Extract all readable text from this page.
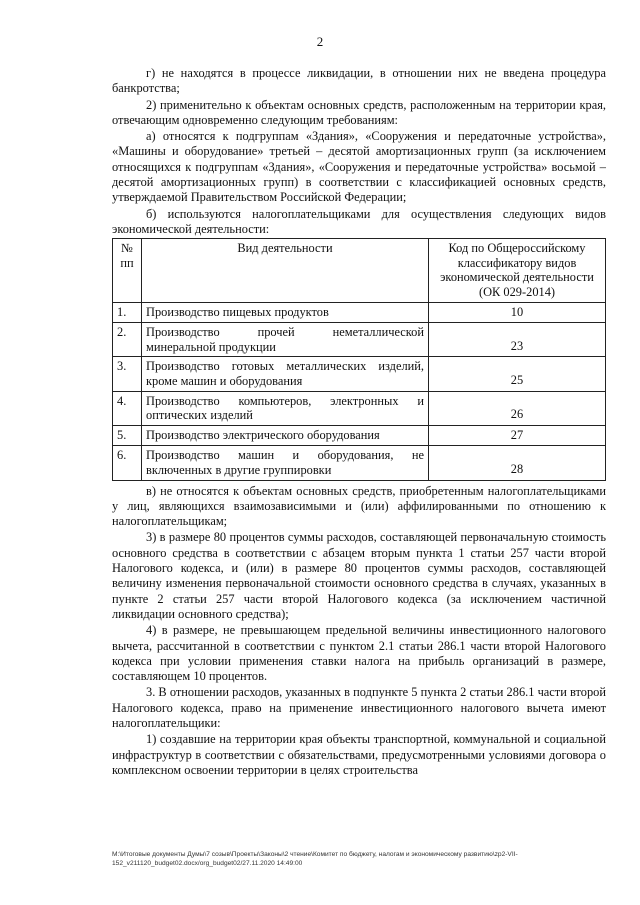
2

г) не находятся в процессе ликвидации, в отношении них не введена процедура банкротства;

2) применительно к объектам основных средств, расположенным на территории края, отвечающим одновременно следующим требованиям:

а) относятся к подгруппам «Здания», «Сооружения и передаточные устройства», «Машины и оборудование» третьей – десятой амортизационных групп (за исключением относящихся к подгруппам «Здания», «Сооружения и передаточные устройства» восьмой – десятой амортизационных групп) в соответствии с классификацией основных средств, утверждаемой Правительством Российской Федерации;

б) используются налогоплательщиками для осуществления следующих видов экономической деятельности:

№ пп	Вид деятельности	Код по Общероссийскому классификатору видов экономической деятельности (ОК 029-2014)
1.	Производство пищевых продуктов	10
2.	Производство прочей неметаллической минеральной продукции	23
3.	Производство готовых металлических изделий, кроме машин и оборудования	25
4.	Производство компьютеров, электронных и оптических изделий	26
5.	Производство электрического оборудования	27
6.	Производство машин и оборудования, не включенных в другие группировки	28

в) не относятся к объектам основных средств, приобретенным налогоплательщиками у лиц, являющихся взаимозависимыми и (или) аффилированными по отношению к налогоплательщикам;

3) в размере 80 процентов суммы расходов, составляющей первоначальную стоимость основного средства в соответствии с абзацем вторым пункта 1 статьи 257 части второй Налогового кодекса, и (или) в размере 80 процентов суммы расходов, составляющей величину изменения первоначальной стоимости основного средства в случаях, указанных в пункте 2 статьи 257 части второй Налогового кодекса (за исключением частичной ликвидации основного средства);

4) в размере, не превышающем предельной величины инвестиционного налогового вычета, рассчитанной в соответствии с пунктом 2.1 статьи 286.1 части второй Налогового кодекса при условии применения ставки налога на прибыль организаций в размере, составляющем 10 процентов.

3. В отношении расходов, указанных в подпункте 5 пункта 2 статьи 286.1 части второй Налогового кодекса, право на применение инвестиционного налогового вычета имеют налогоплательщики:

1) создавшие на территории края объекты транспортной, коммунальной и социальной инфраструктур в соответствии с обязательствами, предусмотренными условиями договора о комплексном освоении территории в целях строительства

M:\Итоговые документы Думы\7 созыв\Проекты\Законы\2 чтение\Комитет по бюджету, налогам и экономическому развитию\zp2-VII-152_v211120_budget02.docx/org_budget02/27.11.2020 14:49:00
